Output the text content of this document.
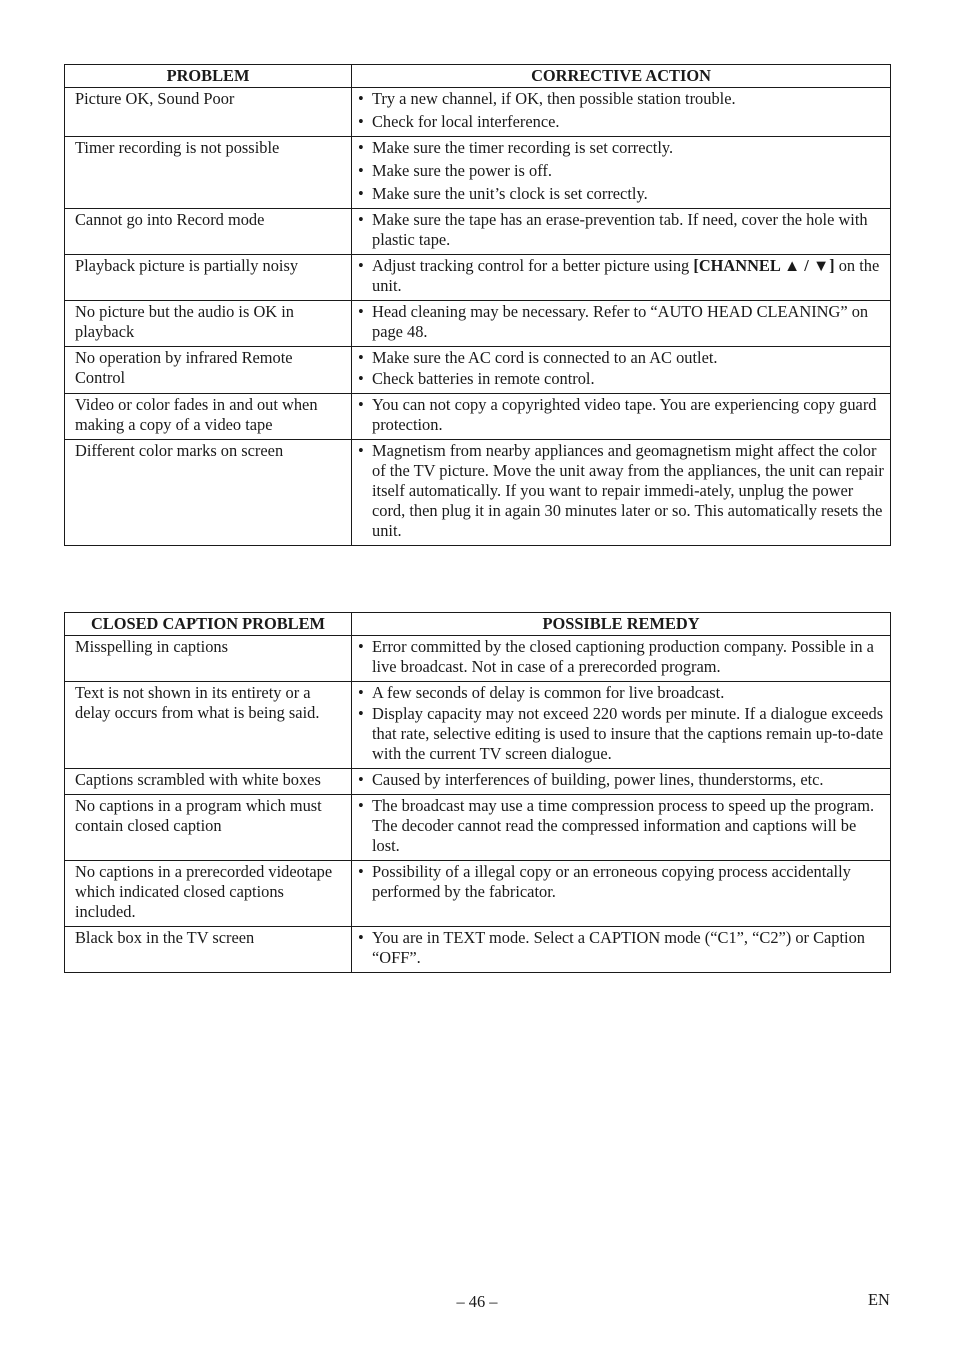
PROBLEM	CORRECTIVE ACTION
Picture OK, Sound Poor	• Try a new channel, if OK, then possible station trouble.
• Check for local interference.

Timer recording is not possible	• Make sure the timer recording is set correctly.
• Make sure the power is off.
• Make sure the unit’s clock is set correctly.

Cannot go into Record mode	• Make sure the tape has an erase-prevention tab. If need, cover the hole with plastic tape.

Playback picture is partially noisy	• Adjust tracking control for a better picture using [CHANNEL ▲ / ▼] on the unit.

No picture but the audio is OK in playback	• Head cleaning may be necessary. Refer to “AUTO HEAD CLEANING” on page 48.

No operation by infrared Remote Control	• Make sure the AC cord is connected to an AC outlet.
• Check batteries in remote control.

Video or color fades in and out when making a copy of a video tape	• You can not copy a copyrighted video tape. You are experiencing copy guard protection.

Different color marks on screen	• Magnetism from nearby appliances and geomagnetism might affect the color of the TV picture. Move the unit away from the appliances, the unit can repair itself automatically. If you want to repair immedi-ately, unplug the power cord, then plug it in again 30 minutes later or so. This automatically resets the unit.
CLOSED CAPTION PROBLEM	POSSIBLE REMEDY
Misspelling in captions	• Error committed by the closed captioning production company. Possible in a live broadcast. Not in case of a prerecorded program.

Text is not shown in its entirety or a delay occurs from what is being said.	• A few seconds of delay is common for live broadcast.
• Display capacity may not exceed 220 words per minute. If a dialogue exceeds that rate, selective editing is used to insure that the captions remain up-to-date with the current TV screen dialogue.

Captions scrambled with white boxes	• Caused by interferences of building, power lines, thunderstorms, etc.

No captions in a program which must contain closed caption	• The broadcast may use a time compression process to speed up the program. The decoder cannot read the compressed information and captions will be lost.

No captions in a prerecorded videotape which indicated closed captions included.	• Possibility of a illegal copy or an erroneous copying process accidentally performed by the fabricator.

Black box in the TV screen	• You are in TEXT mode. Select a CAPTION mode (“C1”, “C2”) or Caption “OFF”.
– 46 –	EN
